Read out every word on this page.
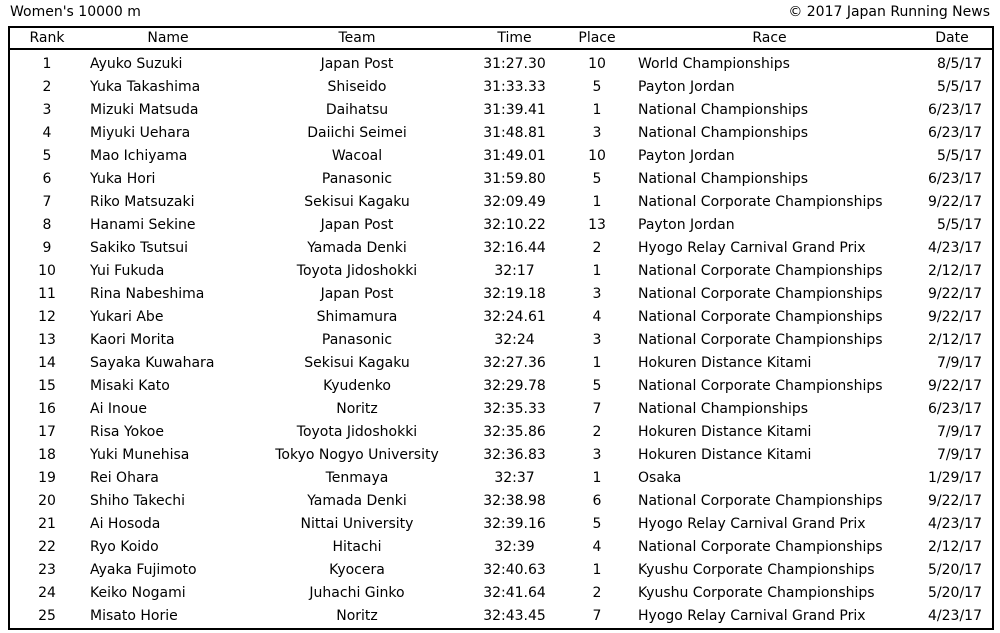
Women's 10000 m	© 2017 Japan Running News
Rank	Name	Team	Time	Place	Race	Date
1	Ayuko Suzuki	Japan Post	31:27.30	10	World Championships	8/5/17
2	Yuka Takashima	Shiseido	31:33.33	5	Payton Jordan	5/5/17
3	Mizuki Matsuda	Daihatsu	31:39.41	1	National Championships	6/23/17
4	Miyuki Uehara	Daiichi Seimei	31:48.81	3	National Championships	6/23/17
5	Mao Ichiyama	Wacoal	31:49.01	10	Payton Jordan	5/5/17
6	Yuka Hori	Panasonic	31:59.80	5	National Championships	6/23/17
7	Riko Matsuzaki	Sekisui Kagaku	32:09.49	1	National Corporate Championships	9/22/17
8	Hanami Sekine	Japan Post	32:10.22	13	Payton Jordan	5/5/17
9	Sakiko Tsutsui	Yamada Denki	32:16.44	2	Hyogo Relay Carnival Grand Prix	4/23/17
10	Yui Fukuda	Toyota Jidoshokki	32:17	1	National Corporate Championships	2/12/17
11	Rina Nabeshima	Japan Post	32:19.18	3	National Corporate Championships	9/22/17
12	Yukari Abe	Shimamura	32:24.61	4	National Corporate Championships	9/22/17
13	Kaori Morita	Panasonic	32:24	3	National Corporate Championships	2/12/17
14	Sayaka Kuwahara	Sekisui Kagaku	32:27.36	1	Hokuren Distance Kitami	7/9/17
15	Misaki Kato	Kyudenko	32:29.78	5	National Corporate Championships	9/22/17
16	Ai Inoue	Noritz	32:35.33	7	National Championships	6/23/17
17	Risa Yokoe	Toyota Jidoshokki	32:35.86	2	Hokuren Distance Kitami	7/9/17
18	Yuki Munehisa	Tokyo Nogyo University	32:36.83	3	Hokuren Distance Kitami	7/9/17
19	Rei Ohara	Tenmaya	32:37	1	Osaka	1/29/17
20	Shiho Takechi	Yamada Denki	32:38.98	6	National Corporate Championships	9/22/17
21	Ai Hosoda	Nittai University	32:39.16	5	Hyogo Relay Carnival Grand Prix	4/23/17
22	Ryo Koido	Hitachi	32:39	4	National Corporate Championships	2/12/17
23	Ayaka Fujimoto	Kyocera	32:40.63	1	Kyushu Corporate Championships	5/20/17
24	Keiko Nogami	Juhachi Ginko	32:41.64	2	Kyushu Corporate Championships	5/20/17
25	Misato Horie	Noritz	32:43.45	7	Hyogo Relay Carnival Grand Prix	4/23/17
